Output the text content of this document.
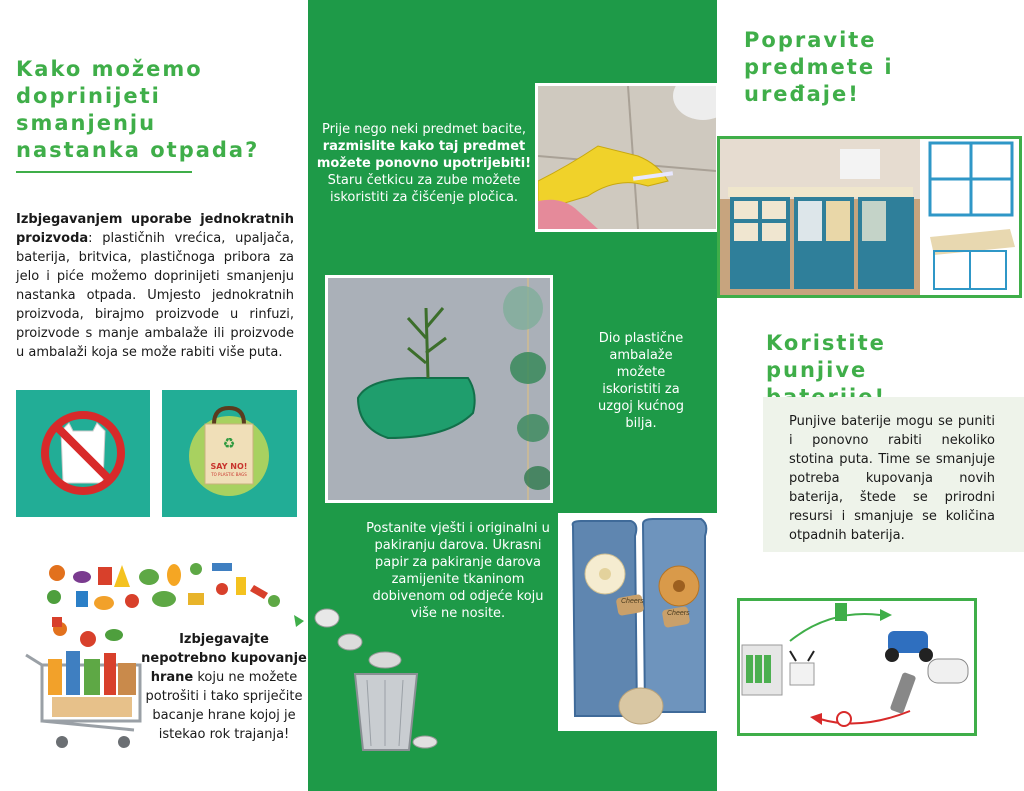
Kako možemo doprinijeti smanjenju nastanka otpada?
Izbjegavanjem uporabe jednokratnih proizvoda: plastičnih vrećica, upaljača, baterija, britvica, plastičnoga pribora za jelo i piće možemo doprinijeti smanjenju nastanka otpada. Umjesto jednokratnih proizvoda, birajmo proizvode u rinfuzi, proizvode s manje ambalaže ili proizvode u ambalaži koja se može rabiti više puta.
♻
SAY NO!
TO PLASTIC BAGS
Izbjegavajte nepotrebno kupovanje hrane koju ne možete potrošiti i tako spriječite bacanje hrane kojoj je istekao rok trajanja!
Prije nego neki predmet bacite, razmislite kako taj predmet možete ponovno upotrijebiti! Staru četkicu za zube možete iskoristiti za čišćenje pločica.
Dio plastične ambalaže možete iskoristiti za uzgoj kućnog bilja.
Postanite vješti i originalni u pakiranju darova. Ukrasni papir za pakiranje darova zamijenite tkaninom dobivenom od odjeće koju više ne nosite.
Cheers
Cheers
Popravite predmete i uređaje!
Koristite punjive
Punjive baterije mogu se puniti i ponovno rabiti nekoliko stotina puta. Time se smanjuje potreba kupovanja novih baterija, štede se prirodni resursi i smanjuje se količina otpadnih baterija.
